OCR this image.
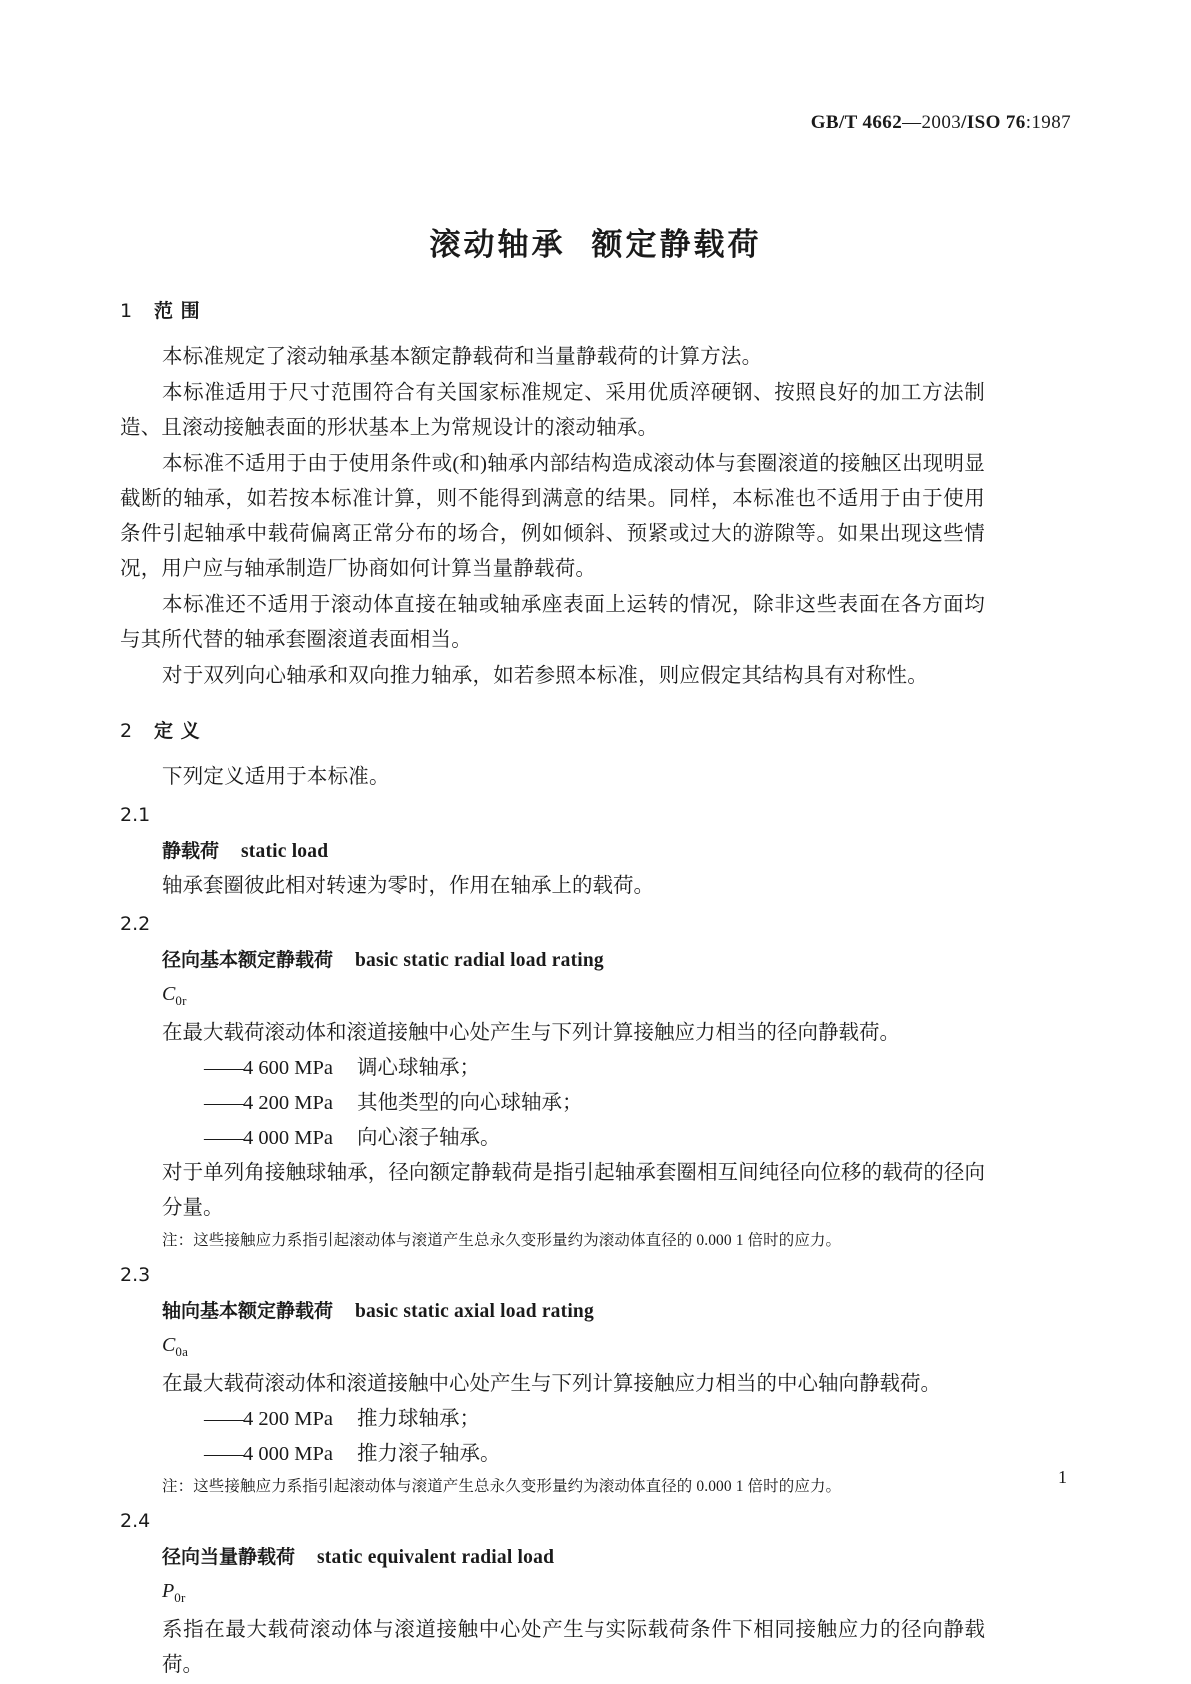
GB/T 4662—2003/ISO 76:1987
滚动轴承 额定静载荷
1 范 围

本标准规定了滚动轴承基本额定静载荷和当量静载荷的计算方法。

本标准适用于尺寸范围符合有关国家标准规定、采用优质淬硬钢、按照良好的加工方法制造、且滚动接触表面的形状基本上为常规设计的滚动轴承。

本标准不适用于由于使用条件或(和)轴承内部结构造成滚动体与套圈滚道的接触区出现明显截断的轴承，如若按本标准计算，则不能得到满意的结果。同样，本标准也不适用于由于使用条件引起轴承中载荷偏离正常分布的场合，例如倾斜、预紧或过大的游隙等。如果出现这些情况，用户应与轴承制造厂协商如何计算当量静载荷。

本标准还不适用于滚动体直接在轴或轴承座表面上运转的情况，除非这些表面在各方面均与其所代替的轴承套圈滚道表面相当。

对于双列向心轴承和双向推力轴承，如若参照本标准，则应假定其结构具有对称性。

2 定 义

下列定义适用于本标准。

2.1
静载荷 static load
轴承套圈彼此相对转速为零时，作用在轴承上的载荷。
2.2
径向基本额定静载荷 basic static radial load rating
$C_{0r}$
在最大载荷滚动体和滚道接触中心处产生与下列计算接触应力相当的径向静载荷。
——4 600 MPa 调心球轴承；
——4 200 MPa 其他类型的向心球轴承；
——4 000 MPa 向心滚子轴承。
对于单列角接触球轴承，径向额定静载荷是指引起轴承套圈相互间纯径向位移的载荷的径向分量。
注：这些接触应力系指引起滚动体与滚道产生总永久变形量约为滚动体直径的 0.000 1 倍时的应力。
2.3
轴向基本额定静载荷 basic static axial load rating
$C_{0a}$
在最大载荷滚动体和滚道接触中心处产生与下列计算接触应力相当的中心轴向静载荷。
——4 200 MPa 推力球轴承；
——4 000 MPa 推力滚子轴承。
注：这些接触应力系指引起滚动体与滚道产生总永久变形量约为滚动体直径的 0.000 1 倍时的应力。
2.4
径向当量静载荷 static equivalent radial load
$P_{0r}$
系指在最大载荷滚动体与滚道接触中心处产生与实际载荷条件下相同接触应力的径向静载荷。
1
